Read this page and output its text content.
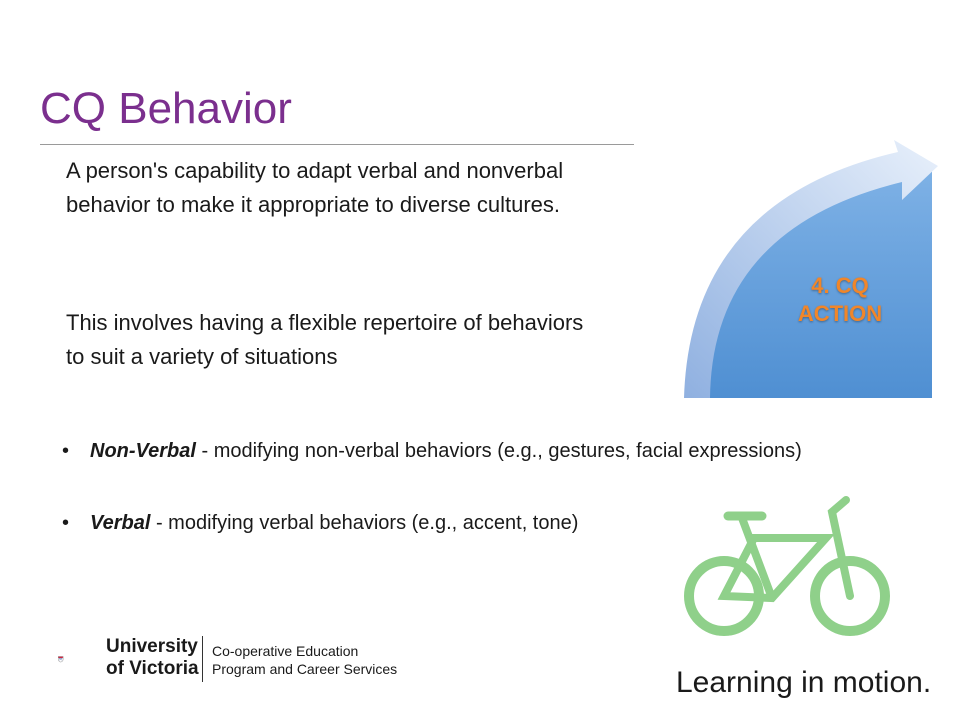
CQ Behavior
A person's capability to adapt verbal and nonverbal behavior to make it appropriate to diverse cultures.
This involves having a flexible repertoire of behaviors to suit a variety of situations
• Non-Verbal - modifying non-verbal behaviors (e.g., gestures, facial expressions)
• Verbal - modifying verbal behaviors (e.g., accent, tone)
4. CQ
ACTION
University
of Victoria
Co-operative Education
Program and Career Services	Learning in motion.
